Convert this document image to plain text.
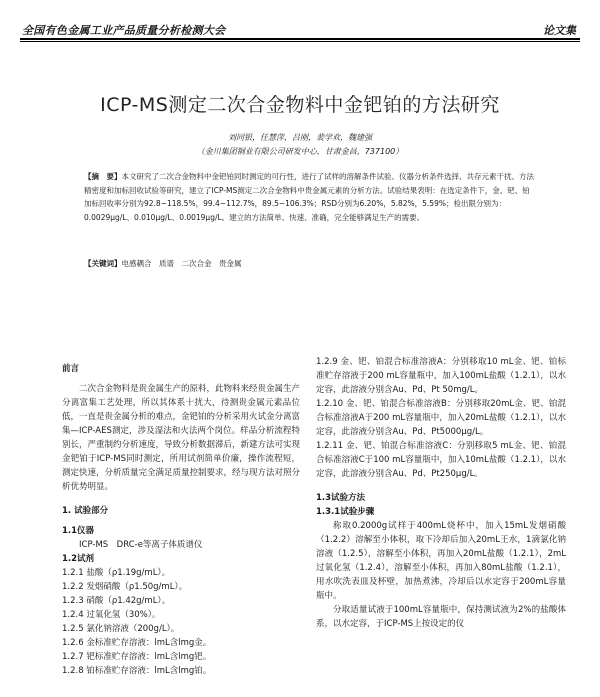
全国有色金属工业产品质量分析检测大会	论文集
ICP-MS测定二次合金物料中金钯铂的方法研究
刘同银，任慧萍，吕刚，裴学欢，魏建强
（金川集团铜业有限公司研发中心，甘肃金昌，737100）
【摘　要】本文研究了二次合金物料中金钯铂同时测定的可行性，进行了试样的溶解条件试验、仪器分析条件选择、共存元素干扰、方法精密度和加标回收试验等研究，建立了ICP-MS测定二次合金物料中贵金属元素的分析方法。试验结果表明：在选定条件下，金、钯、铂加标回收率分别为92.8~118.5%，99.4~112.7%，89.5~106.3%；RSD分别为6.20%，5.82%，5.59%；检出限分别为：0.0029μg/L、0.010μg/L、0.0019μg/L。建立的方法简单、快速、准确，完全能够满足生产的需要。
【关键词】电感耦合　质谱　二次合金　贵金属

前言

二次合金物料是贵金属生产的原料，此物料来经贵金属生产分离富集工艺处理，所以其体系十扰大，待测贵金属元素品位低，一直是贵金属分析的难点，金钯铂的分析采用火试金分离富集—ICP-AES测定，涉及湿法和火法两个岗位。样品分析流程特别长，严重制约分析速度，导致分析数据滞后，新建方法可实现金钯铂于ICP-MS同时测定，所用试剂简单价廉，操作流程短，测定快速，分析质量完全满足质量控制要求，经与现方法对照分析优势明显。

1. 试验部分

1.1仪器

ICP-MS　DRC-e等离子体质谱仪

1.2试剂

1.2.1 盐酸（ρ1.19g/mL）。

1.2.2 发烟硝酸（ρ1.50g/mL）。

1.2.3 硝酸（ρ1.42g/mL）。

1.2.4 过氧化氢（30%）。

1.2.5 氯化钠溶液（200g/L）。

1.2.6 金标准贮存溶液：lmL含lmg金。

1.2.7 钯标准贮存溶液：lmL含lmg钯。

1.2.8 铂标准贮存溶液：lmL含lmg铂。

1.2.9 金、钯、铂混合标准溶液A：分别移取10 mL金、钯、铂标准贮存溶液于200 mL容量瓶中，加入100mL盐酸（1.2.1），以水定容，此溶液分别含Au、Pd、Pt 50mg/L。

1.2.10 金、钯、铂混合标准溶液B：分别移取20mL金、钯、铂混合标准溶液A于200 mL容量瓶中，加入20mL盐酸（1.2.1），以水定容，此溶液分别含Au、Pd、Pt5000μg/L。

1.2.11 金、钯、铂混合标准溶液C：分别移取5 mL金、钯、铂混合标准溶液C于100 mL容量瓶中，加入10mL盐酸（1.2.1），以水定容，此溶液分别含Au、Pd、Pt250μg/L。

1.3试验方法

1.3.1试验步骤

称取0.2000g试样于400mL烧杯中，加入15mL发烟硝酸（1.2.2）溶解至小体积，取下冷却后加入20mL王水，1滴氯化钠溶液（1.2.5），溶解至小体积，再加入20mL盐酸（1.2.1），2mL过氧化氢（1.2.4），溶解至小体积，再加入80mL盐酸（1.2.1），用水吹洗表皿及杯壁，加热煮沸，冷却后以水定容于200mL容量瓶中。

分取适量试液于100mL容量瓶中，保持测试液为2%的盐酸体系，以水定容，于ICP-MS上按设定的仪
